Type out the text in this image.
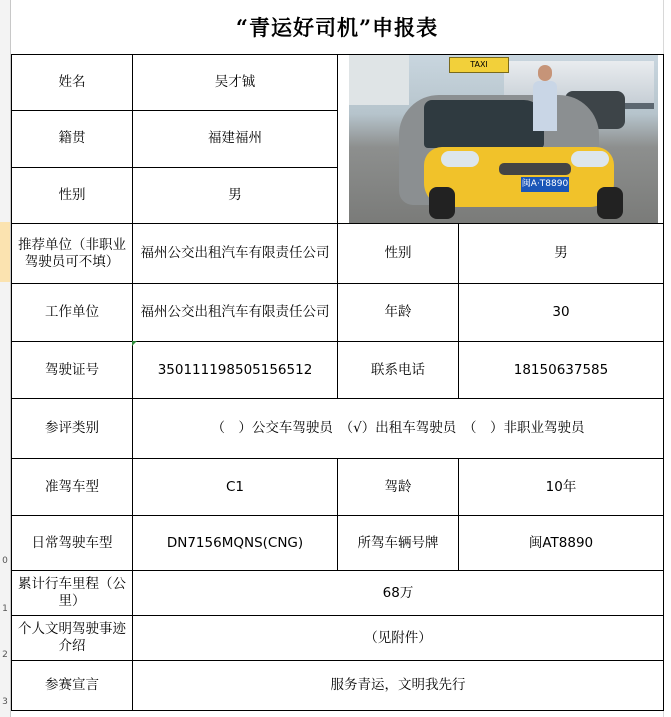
0
1
2
3
“青运好司机”申报表
姓名	吴才铖	TAXI
闽A·T8890	

籍贯	福建福州		
性别	男		
推荐单位（非职业驾驶员可不填）	福州公交出租汽车有限责任公司	性别	男
工作单位	福州公交出租汽车有限责任公司	年龄	30
驾驶证号	350111198505156512	联系电话	18150637585
参评类别	（　）公交车驾驶员　（√）出租车驾驶员　（　）非职业驾驶员		
准驾车型	C1	驾龄	10年
日常驾驶车型	DN7156MQNS(CNG)	所驾车辆号牌	闽AT8890
累计行车里程（公里）	68万		
个人文明驾驶事迹介绍	（见附件）		
参赛宣言	服务青运，文明我先行		
